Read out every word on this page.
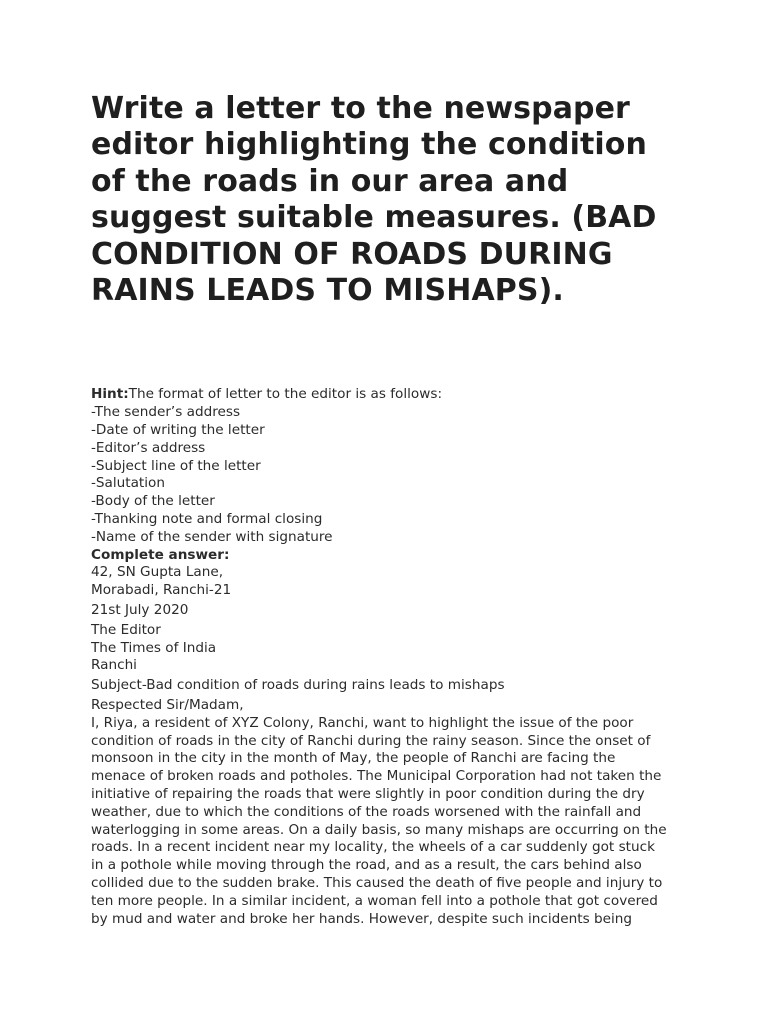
Write a letter to the newspaper editor highlighting the condition of the roads in our area and suggest suitable measures. (BAD CONDITION OF ROADS DURING RAINS LEADS TO MISHAPS).
Hint:The format of letter to the editor is as follows:
-The sender’s address
-Date of writing the letter
-Editor’s address
-Subject line of the letter
-Salutation
-Body of the letter
-Thanking note and formal closing
-Name of the sender with signature
Complete answer:
42, SN Gupta Lane,
Morabadi, Ranchi-21
21st July 2020
The Editor
The Times of India
Ranchi
Subject-Bad condition of roads during rains leads to mishaps
Respected Sir/Madam,
I, Riya, a resident of XYZ Colony, Ranchi, want to highlight the issue of the poor
condition of roads in the city of Ranchi during the rainy season. Since the onset of
monsoon in the city in the month of May, the people of Ranchi are facing the
menace of broken roads and potholes. The Municipal Corporation had not taken the
initiative of repairing the roads that were slightly in poor condition during the dry
weather, due to which the conditions of the roads worsened with the rainfall and
waterlogging in some areas. On a daily basis, so many mishaps are occurring on the
roads. In a recent incident near my locality, the wheels of a car suddenly got stuck
in a pothole while moving through the road, and as a result, the cars behind also
collided due to the sudden brake. This caused the death of five people and injury to
ten more people. In a similar incident, a woman fell into a pothole that got covered
by mud and water and broke her hands. However, despite such incidents being
